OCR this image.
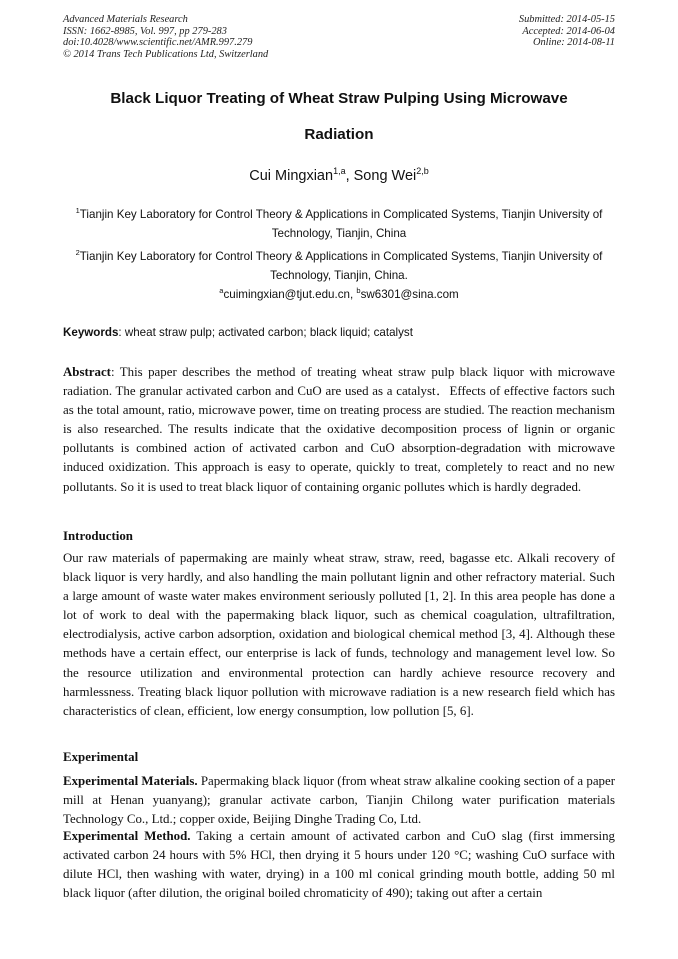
Advanced Materials Research
ISSN: 1662-8985, Vol. 997, pp 279-283
doi:10.4028/www.scientific.net/AMR.997.279
© 2014 Trans Tech Publications Ltd, Switzerland
Submitted: 2014-05-15
Accepted: 2014-06-04
Online: 2014-08-11
Black Liquor Treating of Wheat Straw Pulping Using Microwave
Radiation
Cui Mingxian$^{1,a}$, Song Wei$^{2,b}$
$^1$Tianjin Key Laboratory for Control Theory & Applications in Complicated Systems, Tianjin University of Technology, Tianjin, China
$^2$Tianjin Key Laboratory for Control Theory & Applications in Complicated Systems, Tianjin University of Technology, Tianjin, China.
$^a$cuimingxian@tjut.edu.cn, $^b$sw6301@sina.com
Keywords: wheat straw pulp; activated carbon; black liquid; catalyst
Abstract: This paper describes the method of treating wheat straw pulp black liquor with microwave radiation. The granular activated carbon and CuO are used as a catalyst．Effects of effective factors such as the total amount, ratio, microwave power, time on treating process are studied. The reaction mechanism is also researched. The results indicate that the oxidative decomposition process of lignin or organic pollutants is combined action of activated carbon and CuO absorption-degradation with microwave induced oxidization. This approach is easy to operate, quickly to treat, completely to react and no new pollutants. So it is used to treat black liquor of containing organic pollutes which is hardly degraded.
Introduction
Our raw materials of papermaking are mainly wheat straw, straw, reed, bagasse etc. Alkali recovery of black liquor is very hardly, and also handling the main pollutant lignin and other refractory material. Such a large amount of waste water makes environment seriously polluted [1, 2]. In this area people has done a lot of work to deal with the papermaking black liquor, such as chemical coagulation, ultrafiltration, electrodialysis, active carbon adsorption, oxidation and biological chemical method [3, 4]. Although these methods have a certain effect, our enterprise is lack of funds, technology and management level low. So the resource utilization and environmental protection can hardly achieve resource recovery and harmlessness. Treating black liquor pollution with microwave radiation is a new research field which has characteristics of clean, efficient, low energy consumption, low pollution [5, 6].
Experimental
Experimental Materials. Papermaking black liquor (from wheat straw alkaline cooking section of a paper mill at Henan yuanyang); granular activate carbon, Tianjin Chilong water purification materials Technology Co., Ltd.; copper oxide, Beijing Dinghe Trading Co, Ltd.
Experimental Method. Taking a certain amount of activated carbon and CuO slag (first immersing activated carbon 24 hours with 5% HCl, then drying it 5 hours under 120 °C; washing CuO surface with dilute HCl, then washing with water, drying) in a 100 ml conical grinding mouth bottle, adding 50 ml black liquor (after dilution, the original boiled chromaticity of 490); taking out after a certain
